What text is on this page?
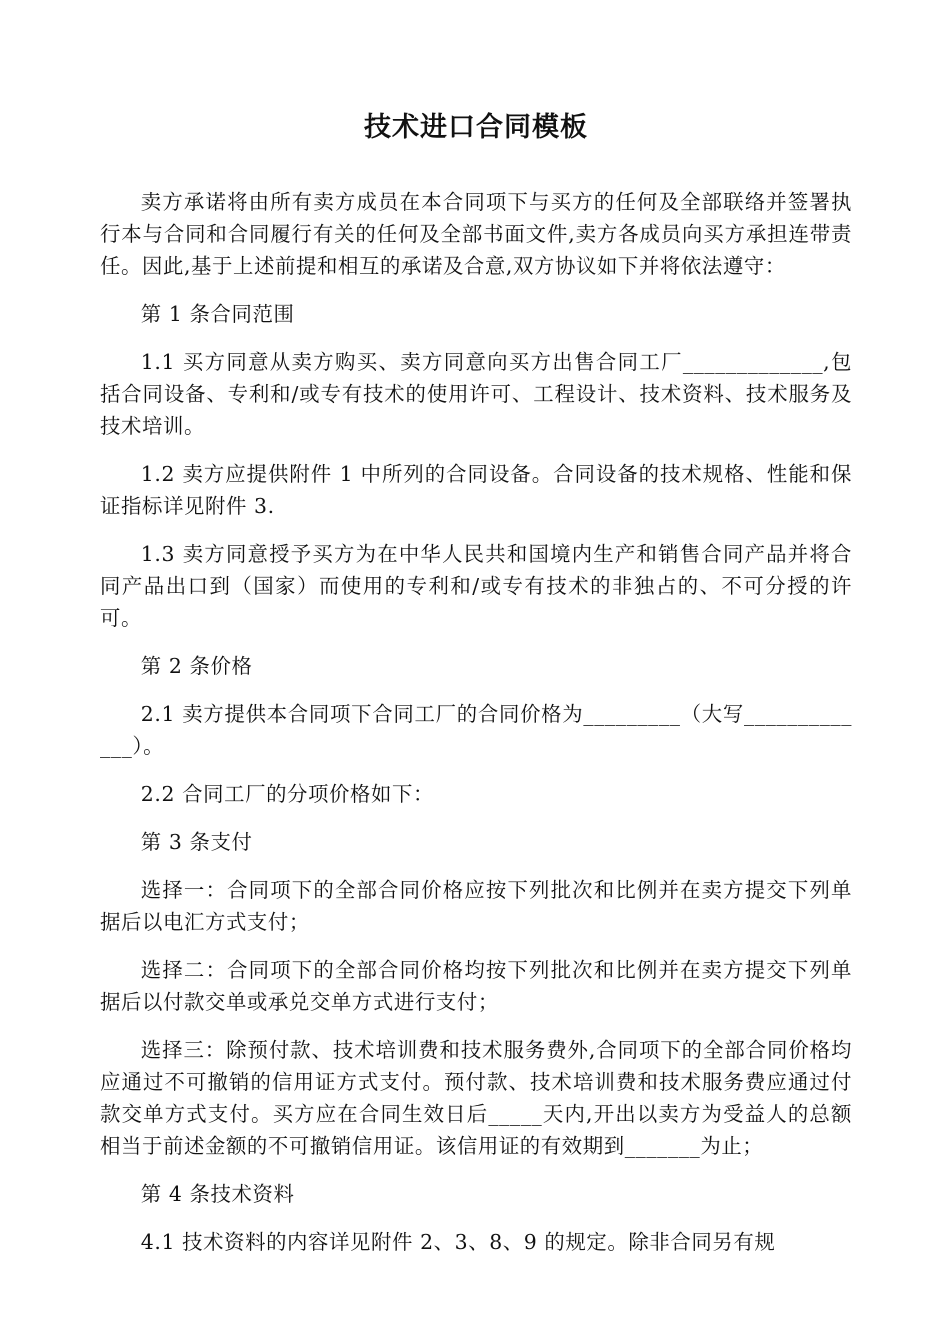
技术进口合同模板

卖方承诺将由所有卖方成员在本合同项下与买方的任何及全部联络并签署执行本与合同和合同履行有关的任何及全部书面文件,卖方各成员向买方承担连带责任。因此,基于上述前提和相互的承诺及合意,双方协议如下并将依法遵守：

第 1 条合同范围

1.1 买方同意从卖方购买、卖方同意向买方出售合同工厂_____________,包括合同设备、专利和/或专有技术的使用许可、工程设计、技术资料、技术服务及技术培训。

1.2 卖方应提供附件 1 中所列的合同设备。合同设备的技术规格、性能和保证指标详见附件 3.

1.3 卖方同意授予买方为在中华人民共和国境内生产和销售合同产品并将合同产品出口到（国家）而使用的专利和/或专有技术的非独占的、不可分授的许可。

第 2 条价格

2.1 卖方提供本合同项下合同工厂的合同价格为_________（大写_____________）。

2.2 合同工厂的分项价格如下：

第 3 条支付

选择一：合同项下的全部合同价格应按下列批次和比例并在卖方提交下列单据后以电汇方式支付；

选择二：合同项下的全部合同价格均按下列批次和比例并在卖方提交下列单据后以付款交单或承兑交单方式进行支付；

选择三：除预付款、技术培训费和技术服务费外,合同项下的全部合同价格均应通过不可撤销的信用证方式支付。预付款、技术培训费和技术服务费应通过付款交单方式支付。买方应在合同生效日后_____天内,开出以卖方为受益人的总额相当于前述金额的不可撤销信用证。该信用证的有效期到_______为止；

第 4 条技术资料

4.1 技术资料的内容详见附件 2、3、8、9 的规定。除非合同另有规
